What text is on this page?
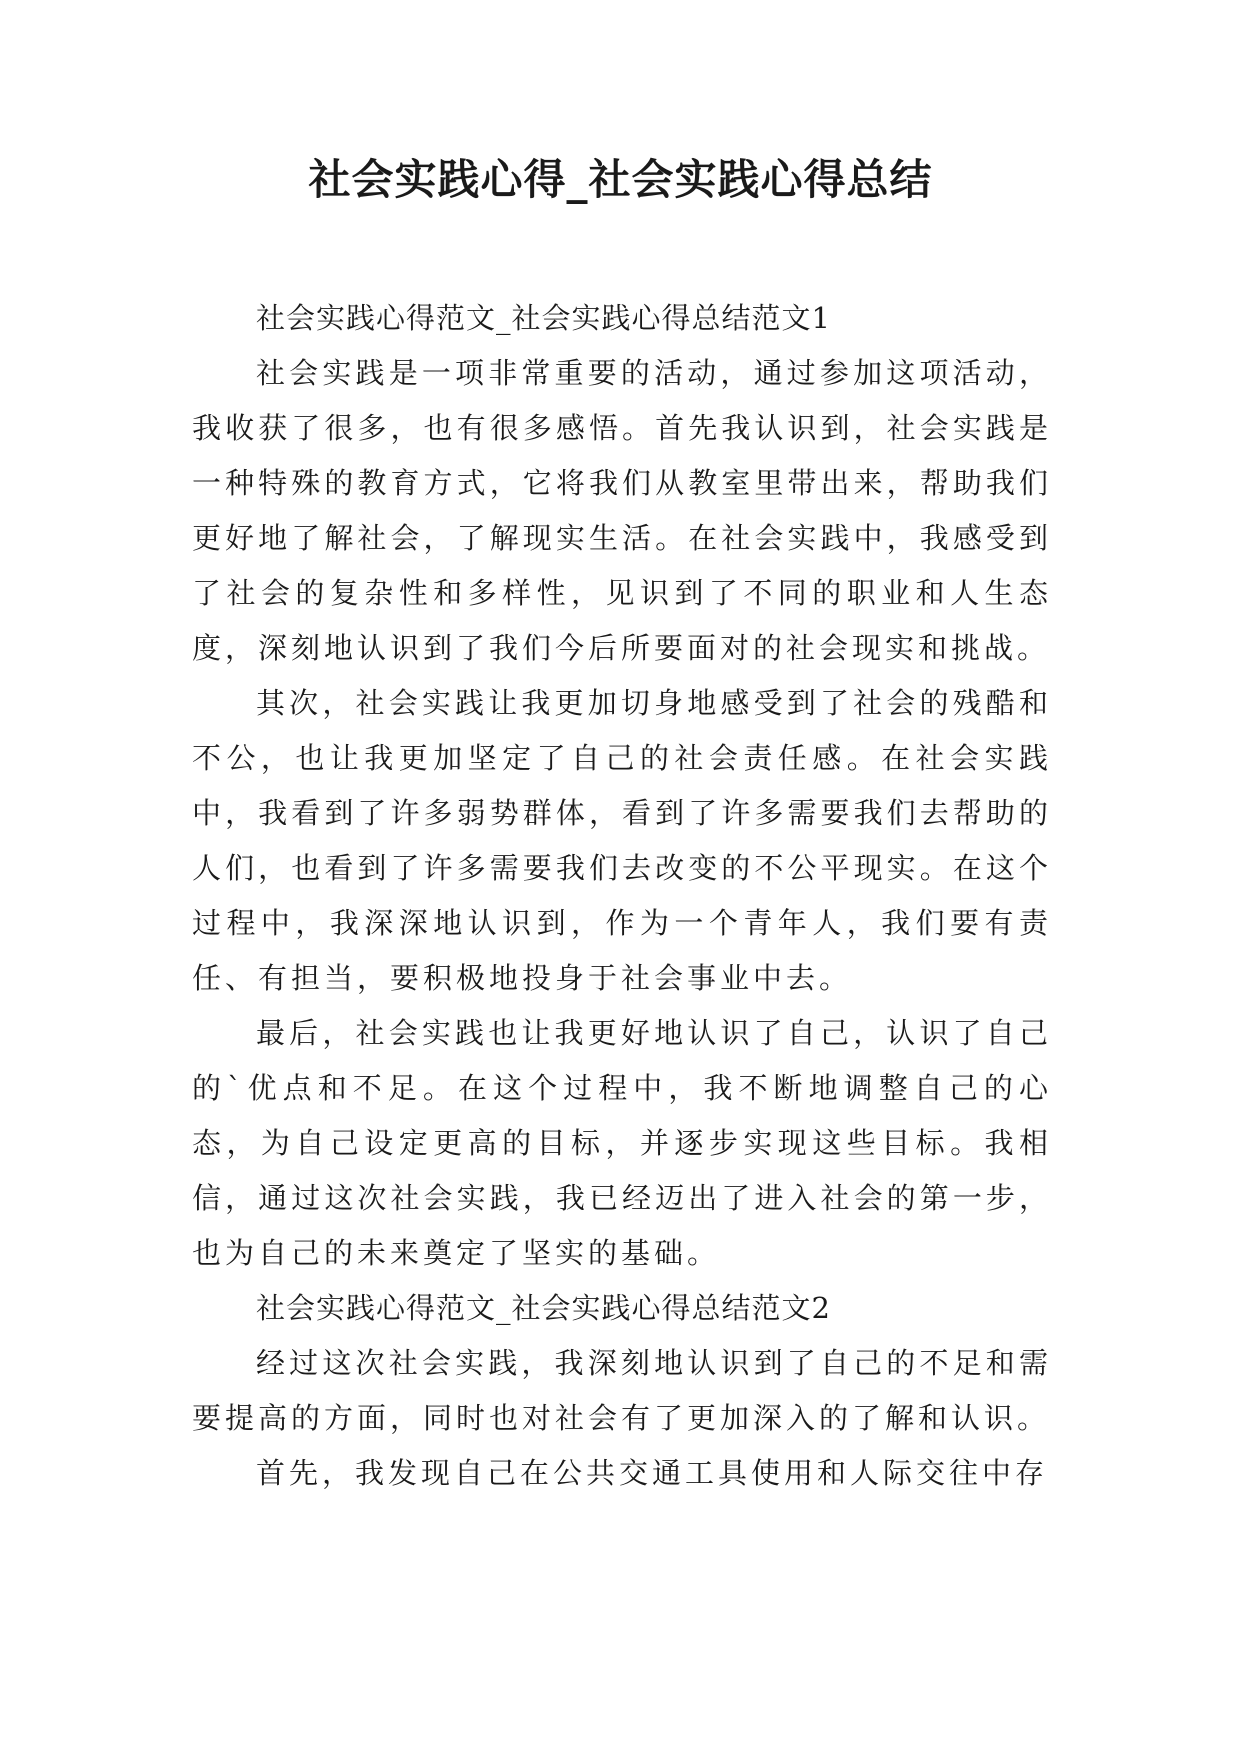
社会实践心得_社会实践心得总结

社会实践心得范文_社会实践心得总结范文1

社会实践是一项非常重要的活动，通过参加这项活动，我收获了很多，也有很多感悟。首先我认识到，社会实践是一种特殊的教育方式，它将我们从教室里带出来，帮助我们更好地了解社会，了解现实生活。在社会实践中，我感受到了社会的复杂性和多样性，见识到了不同的职业和人生态度，深刻地认识到了我们今后所要面对的社会现实和挑战。

其次，社会实践让我更加切身地感受到了社会的残酷和不公，也让我更加坚定了自己的社会责任感。在社会实践中，我看到了许多弱势群体，看到了许多需要我们去帮助的人们，也看到了许多需要我们去改变的不公平现实。在这个过程中，我深深地认识到，作为一个青年人，我们要有责任、有担当，要积极地投身于社会事业中去。

最后，社会实践也让我更好地认识了自己，认识了自己的`优点和不足。在这个过程中，我不断地调整自己的心态，为自己设定更高的目标，并逐步实现这些目标。我相信，通过这次社会实践，我已经迈出了进入社会的第一步，也为自己的未来奠定了坚实的基础。

社会实践心得范文_社会实践心得总结范文2

经过这次社会实践，我深刻地认识到了自己的不足和需要提高的方面，同时也对社会有了更加深入的了解和认识。

首先，我发现自己在公共交通工具使用和人际交往中存
